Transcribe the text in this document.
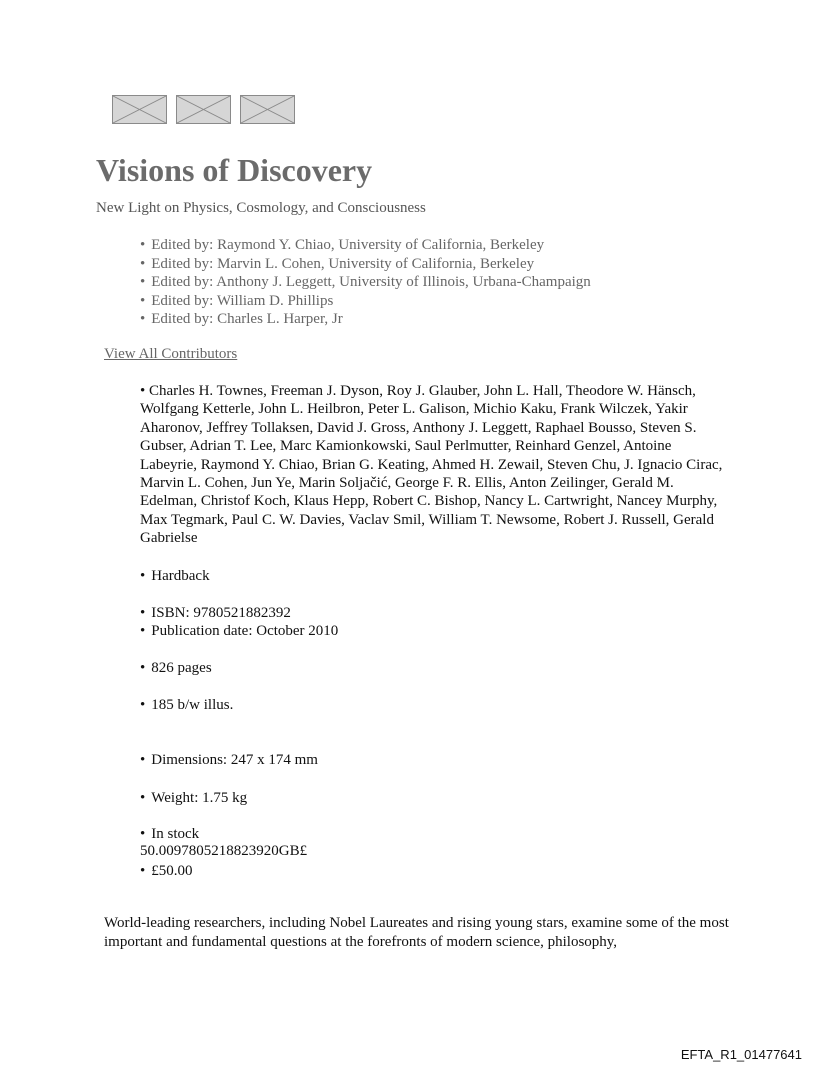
Visions of Discovery
New Light on Physics, Cosmology, and Consciousness
• Edited by: Raymond Y. Chiao, University of California, Berkeley
• Edited by: Marvin L. Cohen, University of California, Berkeley
• Edited by: Anthony J. Leggett, University of Illinois, Urbana-Champaign
• Edited by: William D. Phillips
• Edited by: Charles L. Harper, Jr
View All Contributors
• Charles H. Townes, Freeman J. Dyson, Roy J. Glauber, John L. Hall, Theodore W. Hänsch, Wolfgang Ketterle, John L. Heilbron, Peter L. Galison, Michio Kaku, Frank Wilczek, Yakir Aharonov, Jeffrey Tollaksen, David J. Gross, Anthony J. Leggett, Raphael Bousso, Steven S. Gubser, Adrian T. Lee, Marc Kamionkowski, Saul Perlmutter, Reinhard Genzel, Antoine Labeyrie, Raymond Y. Chiao, Brian G. Keating, Ahmed H. Zewail, Steven Chu, J. Ignacio Cirac, Marvin L. Cohen, Jun Ye, Marin Soljačić, George F. R. Ellis, Anton Zeilinger, Gerald M. Edelman, Christof Koch, Klaus Hepp, Robert C. Bishop, Nancy L. Cartwright, Nancey Murphy, Max Tegmark, Paul C. W. Davies, Vaclav Smil, William T. Newsome, Robert J. Russell, Gerald Gabrielse
• Hardback
• ISBN: 9780521882392
• Publication date: October 2010
• 826 pages
• 185 b/w illus.
• Dimensions: 247 x 174 mm
• Weight: 1.75 kg
• In stock
50.0097805218823920GB£
• £50.00
World-leading researchers, including Nobel Laureates and rising young stars, examine some of the most important and fundamental questions at the forefronts of modern science, philosophy,
EFTA_R1_01477641
